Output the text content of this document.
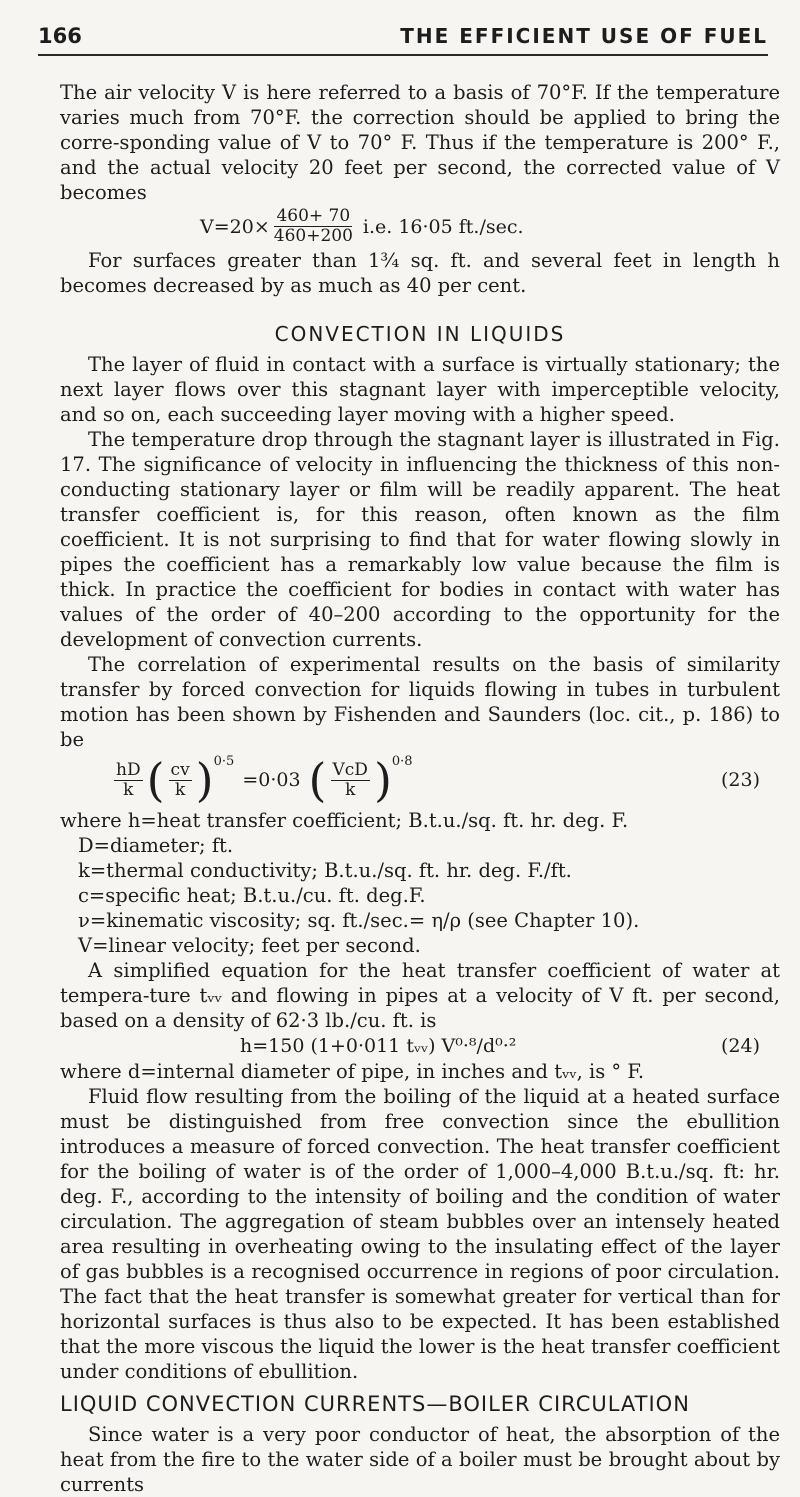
166	THE EFFICIENT USE OF FUEL

The air velocity V is here referred to a basis of 70°F. If the temperature varies much from 70°F. the correction should be applied to bring the corre-sponding value of V to 70° F. Thus if the temperature is 200° F., and the actual velocity 20 feet per second, the corrected value of V becomes

$V=20\times \frac{460+ 70}{460+200} i.e$. 16·05 ft./sec.

For surfaces greater than 1¾ sq. ft. and several feet in length h becomes decreased by as much as 40 per cent.

CONVECTION IN LIQUIDS

The layer of fluid in contact with a surface is virtually stationary; the next layer flows over this stagnant layer with imperceptible velocity, and so on, each succeeding layer moving with a higher speed.

The temperature drop through the stagnant layer is illustrated in Fig. 17. The significance of velocity in influencing the thickness of this non-conducting stationary layer or film will be readily apparent. The heat transfer coefficient is, for this reason, often known as the film coefficient. It is not surprising to find that for water flowing slowly in pipes the coefficient has a remarkably low value because the film is thick. In practice the coefficient for bodies in contact with water has values of the order of 40–200 according to the opportunity for the development of convection currents.

The correlation of experimental results on the basis of similarity transfer by forced convection for liquids flowing in tubes in turbulent motion has been shown by Fishenden and Saunders (loc. cit., p. 186) to be

$\frac{hD}{k}$ ( $\frac{cv}{k}$ ) 0·5
=0·03 ( $\frac{\text{VcD}}{k}$ ) 0·8
(23)
where h=heat transfer coefficient; B.t.u./sq. ft. hr. deg. F.
D=diameter; ft.
k=thermal conductivity; B.t.u./sq. ft. hr. deg. F./ft.
c=specific heat; B.t.u./cu. ft. deg.F.
ν=kinematic viscosity; sq. ft./sec.= η/ρ (see Chapter 10).
V=linear velocity; feet per second.

A simplified equation for the heat transfer coefficient of water at tempera-ture tᵥᵥ and flowing in pipes at a velocity of V ft. per second, based on a density of 62·3 lb./cu. ft. is

h=150 (1+0·011 tᵥᵥ) V⁰·⁸/d⁰·²	(24)

where d=internal diameter of pipe, in inches and tᵥᵥ, is ° F.

Fluid flow resulting from the boiling of the liquid at a heated surface must be distinguished from free convection since the ebullition introduces a measure of forced convection. The heat transfer coefficient for the boiling of water is of the order of 1,000–4,000 B.t.u./sq. ft: hr. deg. F., according to the intensity of boiling and the condition of water circulation. The aggregation of steam bubbles over an intensely heated area resulting in overheating owing to the insulating effect of the layer of gas bubbles is a recognised occurrence in regions of poor circulation. The fact that the heat transfer is somewhat greater for vertical than for horizontal surfaces is thus also to be expected. It has been established that the more viscous the liquid the lower is the heat transfer coefficient under conditions of ebullition.

LIQUID CONVECTION CURRENTS—BOILER CIRCULATION

Since water is a very poor conductor of heat, the absorption of the heat from the fire to the water side of a boiler must be brought about by currents
